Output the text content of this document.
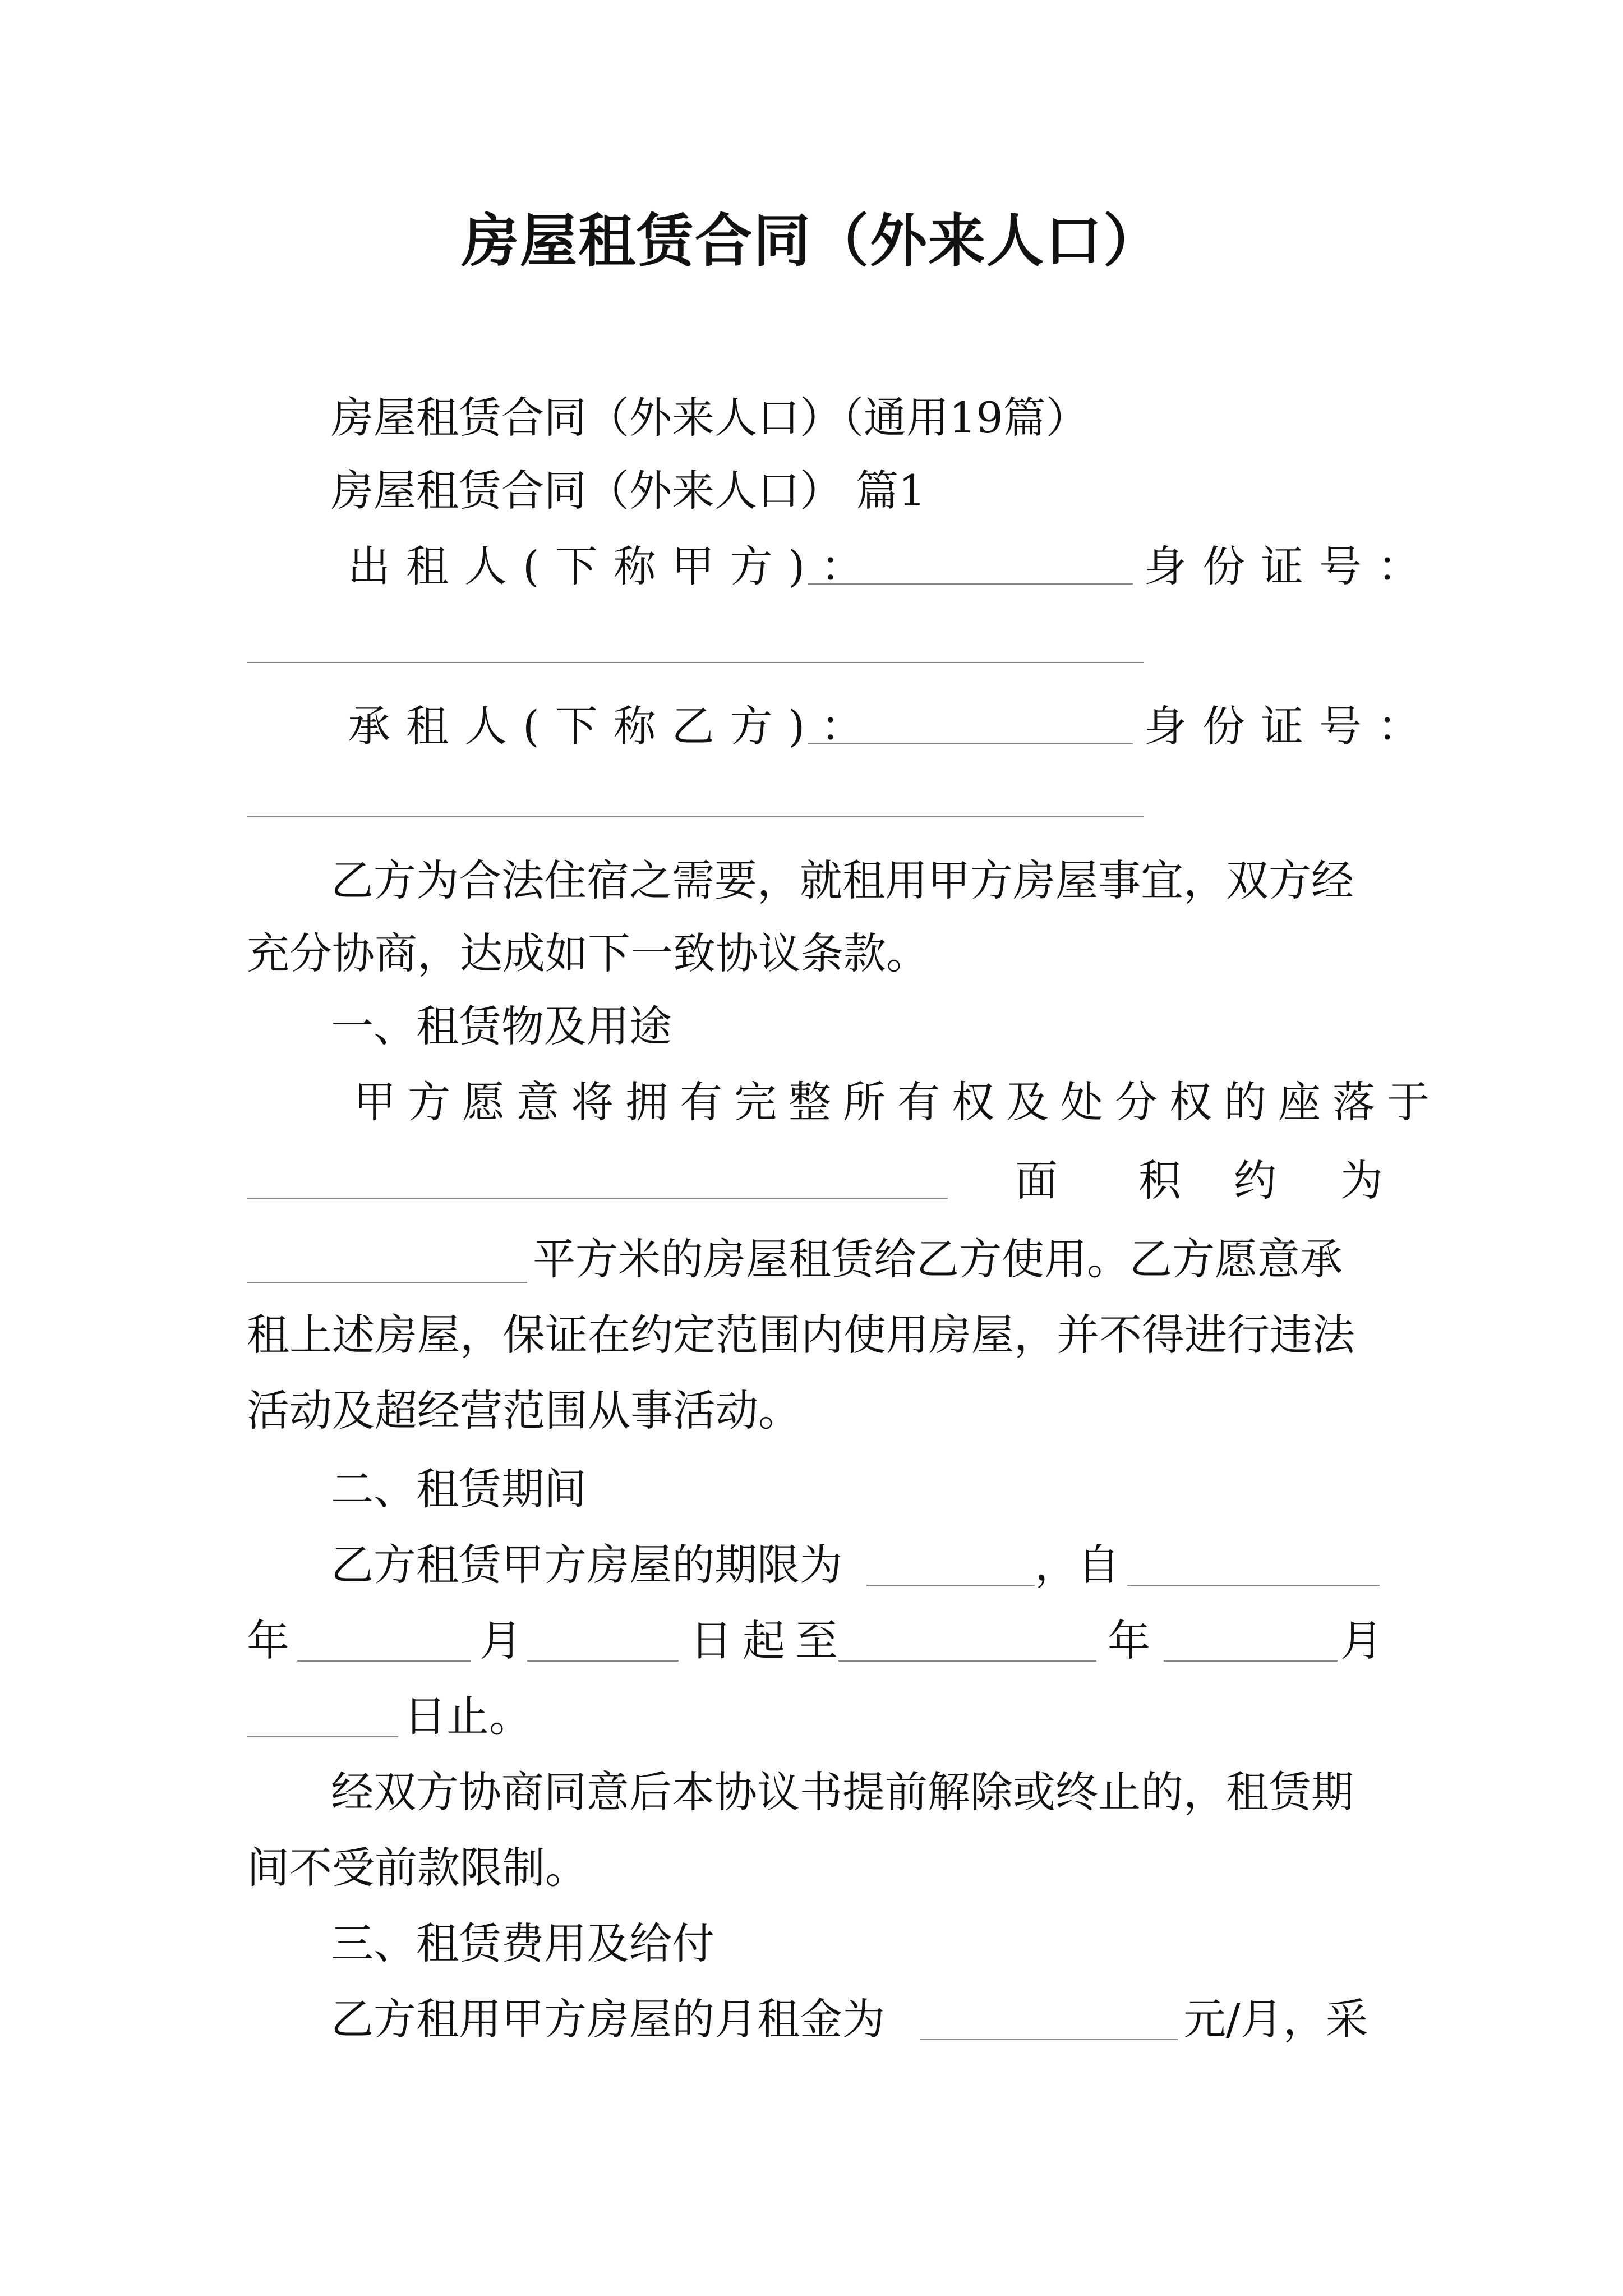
房屋租赁合同（外来人口）
房屋租赁合同（外来人口）（通用19篇）
房屋租赁合同（外来人口） 篇1
出租人(下称甲方)：	身份证号：
承租人(下称乙方)：	身份证号：
乙方为合法住宿之需要，就租用甲方房屋事宜，双方经
充分协商，达成如下一致协议条款。
一、租赁物及用途
甲方愿意将拥有完整所有权及处分权的座落于
面 积 约 为
平方米的房屋租赁给乙方使用。乙方愿意承
租上述房屋，保证在约定范围内使用房屋，并不得进行违法
活动及超经营范围从事活动。
二、租赁期间
乙方租赁甲方房屋的期限为	，自
年	月	日起至	年	月
日止。
经双方协商同意后本协议书提前解除或终止的，租赁期
间不受前款限制。
三、租赁费用及给付
乙方租用甲方房屋的月租金为	元/月，采
